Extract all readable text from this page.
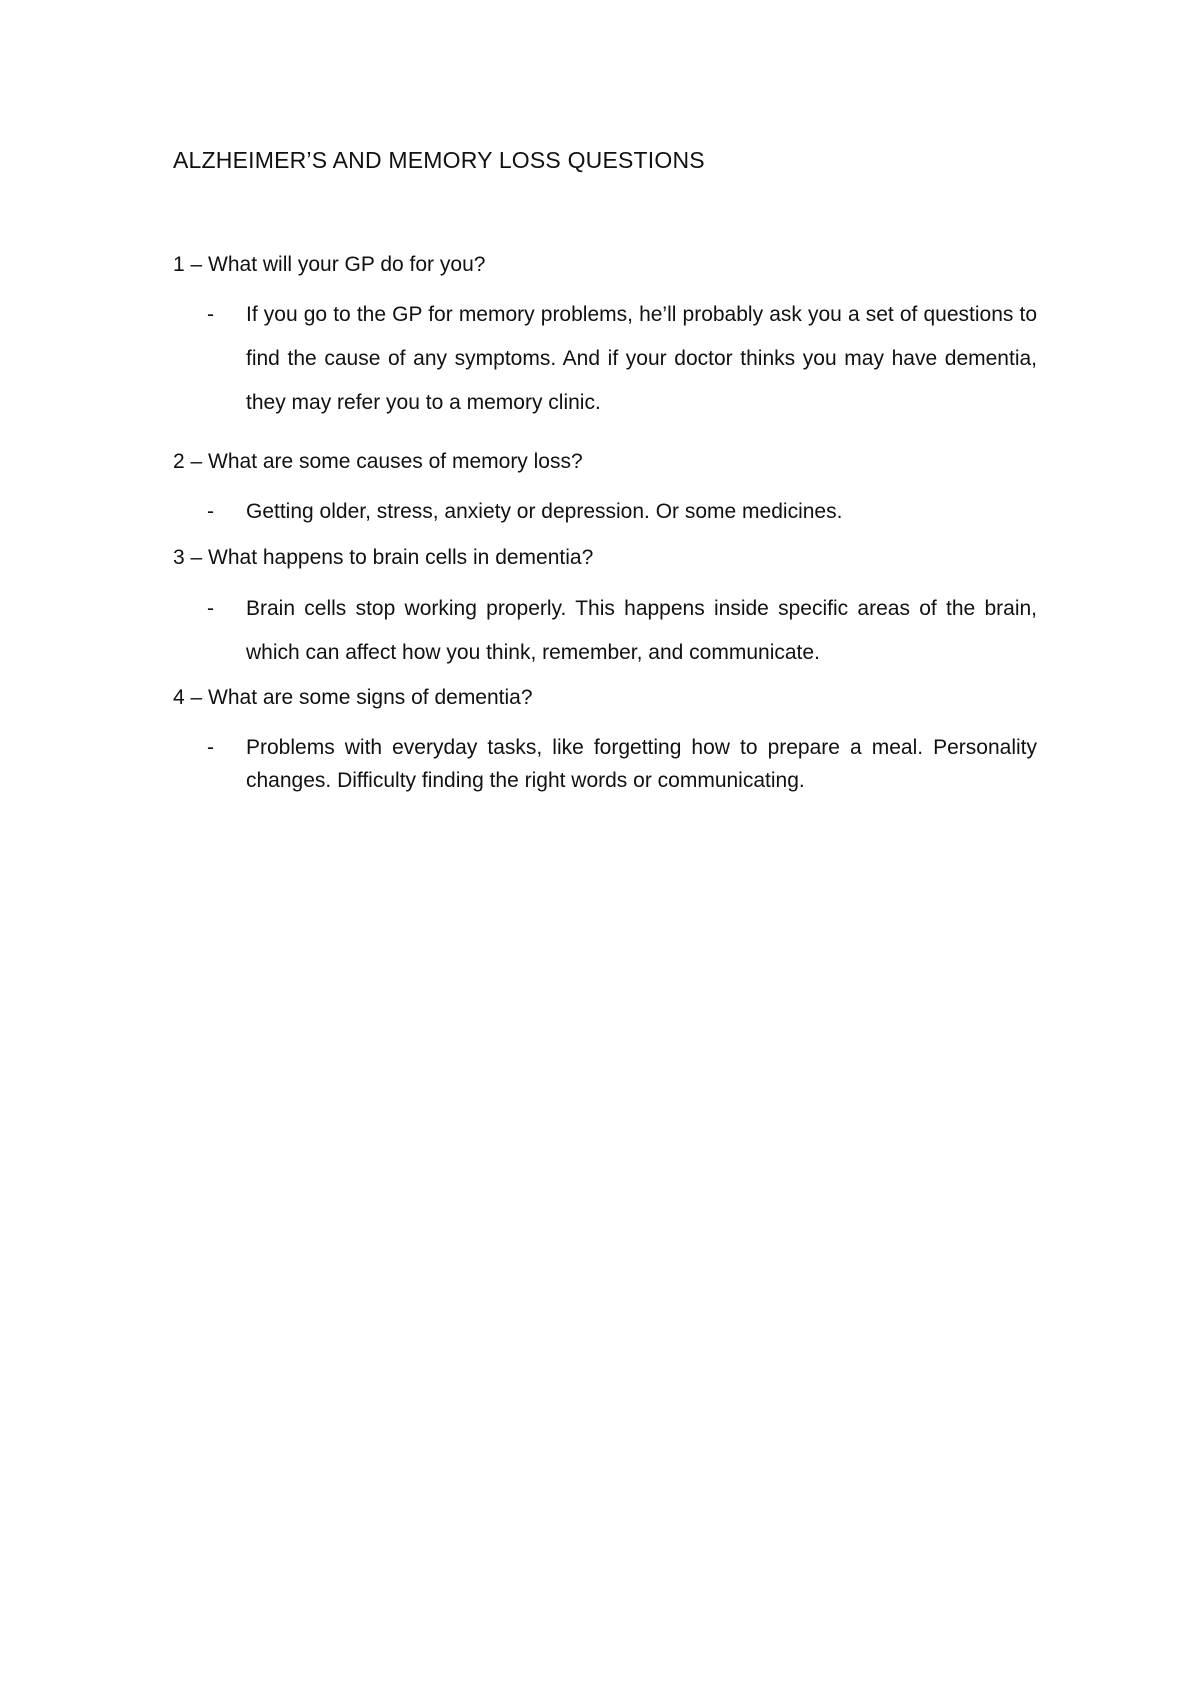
ALZHEIMER’S AND MEMORY LOSS QUESTIONS
1 – What will your GP do for you?
- If you go to the GP for memory problems, he’ll probably ask you a set of questions to find the cause of any symptoms. And if your doctor thinks you may have dementia, they may refer you to a memory clinic.
2 – What are some causes of memory loss?
- Getting older, stress, anxiety or depression. Or some medicines.
3 – What happens to brain cells in dementia?
- Brain cells stop working properly. This happens inside specific areas of the brain, which can affect how you think, remember, and communicate.
4 – What are some signs of dementia?
- Problems with everyday tasks, like forgetting how to prepare a meal. Personality changes. Difficulty finding the right words or communicating.
